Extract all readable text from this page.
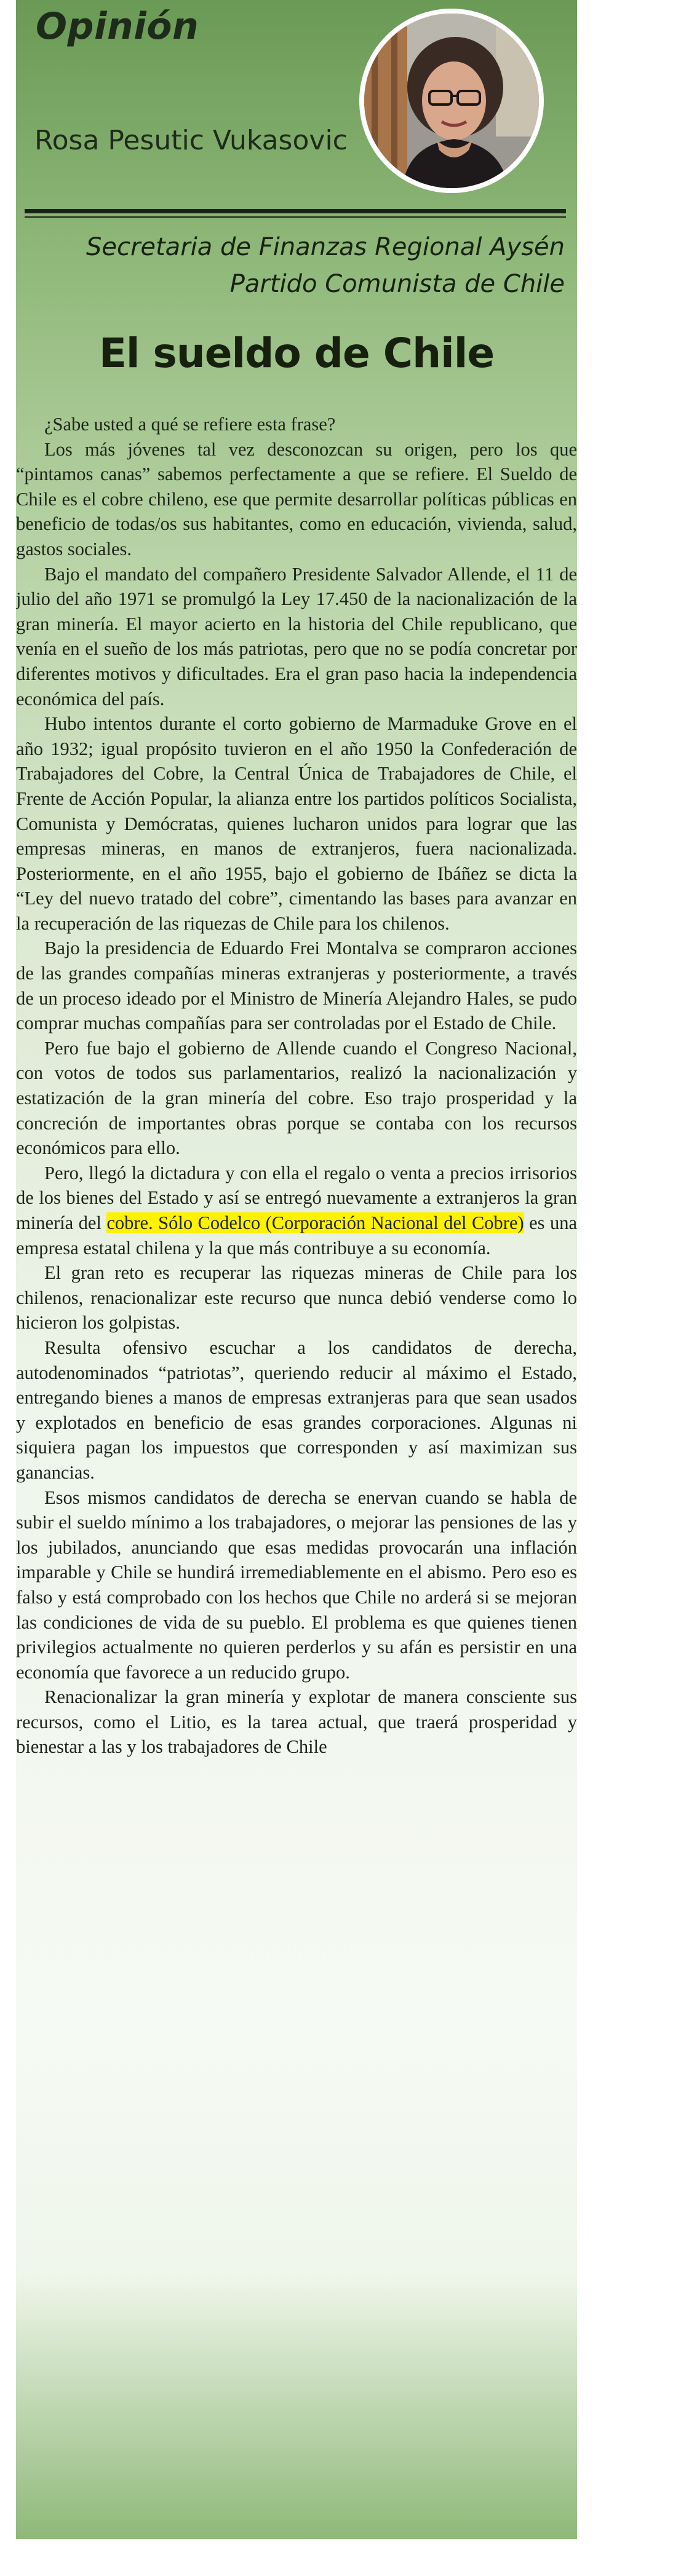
Opinión
Rosa Pesutic Vukasovic
Secretaria de Finanzas Regional Aysén
Partido Comunista de Chile
El sueldo de Chile

¿Sabe usted a qué se refiere esta frase?

Los más jóvenes tal vez desconozcan su origen, pero los que “pintamos canas” sabemos perfectamente a que se refiere. El Sueldo de Chile es el cobre chileno, ese que permite desarrollar políticas públicas en beneficio de todas/os sus habitantes, como en educación, vivienda, salud, gastos sociales.

Bajo el mandato del compañero Presidente Salvador Allende, el 11 de julio del año 1971 se promulgó la Ley 17.450 de la nacionalización de la gran minería. El mayor acierto en la historia del Chile republicano, que venía en el sueño de los más patriotas, pero que no se podía concretar por diferentes motivos y dificultades. Era el gran paso hacia la independencia económica del país.

Hubo intentos durante el corto gobierno de Marmaduke Grove en el año 1932; igual propósito tuvieron en el año 1950 la Confederación de Trabajadores del Cobre, la Central Única de Trabajadores de Chile, el Frente de Acción Popular, la alianza entre los partidos políticos Socialista, Comunista y Demócratas, quienes lucharon unidos para lograr que las empresas mineras, en manos de extranjeros, fuera nacionalizada. Posteriormente, en el año 1955, bajo el gobierno de Ibáñez se dicta la “Ley del nuevo tratado del cobre”, cimentando las bases para avanzar en la recuperación de las riquezas de Chile para los chilenos.

Bajo la presidencia de Eduardo Frei Montalva se compraron acciones de las grandes compañías mineras extranjeras y posteriormente, a través de un proceso ideado por el Ministro de Minería Alejandro Hales, se pudo comprar muchas compañías para ser controladas por el Estado de Chile.

Pero fue bajo el gobierno de Allende cuando el Congreso Nacional, con votos de todos sus parlamentarios, realizó la nacionalización y estatización de la gran minería del cobre. Eso trajo prosperidad y la concreción de importantes obras porque se contaba con los recursos económicos para ello.

Pero, llegó la dictadura y con ella el regalo o venta a precios irrisorios de los bienes del Estado y así se entregó nuevamente a extranjeros la gran minería del cobre. Sólo Codelco (Corporación Nacional del Cobre) es una empresa estatal chilena y la que más contribuye a su economía.

El gran reto es recuperar las riquezas mineras de Chile para los chilenos, renacionalizar este recurso que nunca debió venderse como lo hicieron los golpistas.

Resulta ofensivo escuchar a los candidatos de derecha, autodenominados “patriotas”, queriendo reducir al máximo el Estado, entregando bienes a manos de empresas extranjeras para que sean usados y explotados en beneficio de esas grandes corporaciones. Algunas ni siquiera pagan los impuestos que corresponden y así maximizan sus ganancias.

Esos mismos candidatos de derecha se enervan cuando se habla de subir el sueldo mínimo a los trabajadores, o mejorar las pensiones de las y los jubilados, anunciando que esas medidas provocarán una inflación imparable y Chile se hundirá irremediablemente en el abismo. Pero eso es falso y está comprobado con los hechos que Chile no arderá si se mejoran las condiciones de vida de su pueblo. El problema es que quienes tienen privilegios actualmente no quieren perderlos y su afán es persistir en una economía que favorece a un reducido grupo.

Renacionalizar la gran minería y explotar de manera consciente sus recursos, como el Litio, es la tarea actual, que traerá prosperidad y bienestar a las y los trabajadores de Chile
